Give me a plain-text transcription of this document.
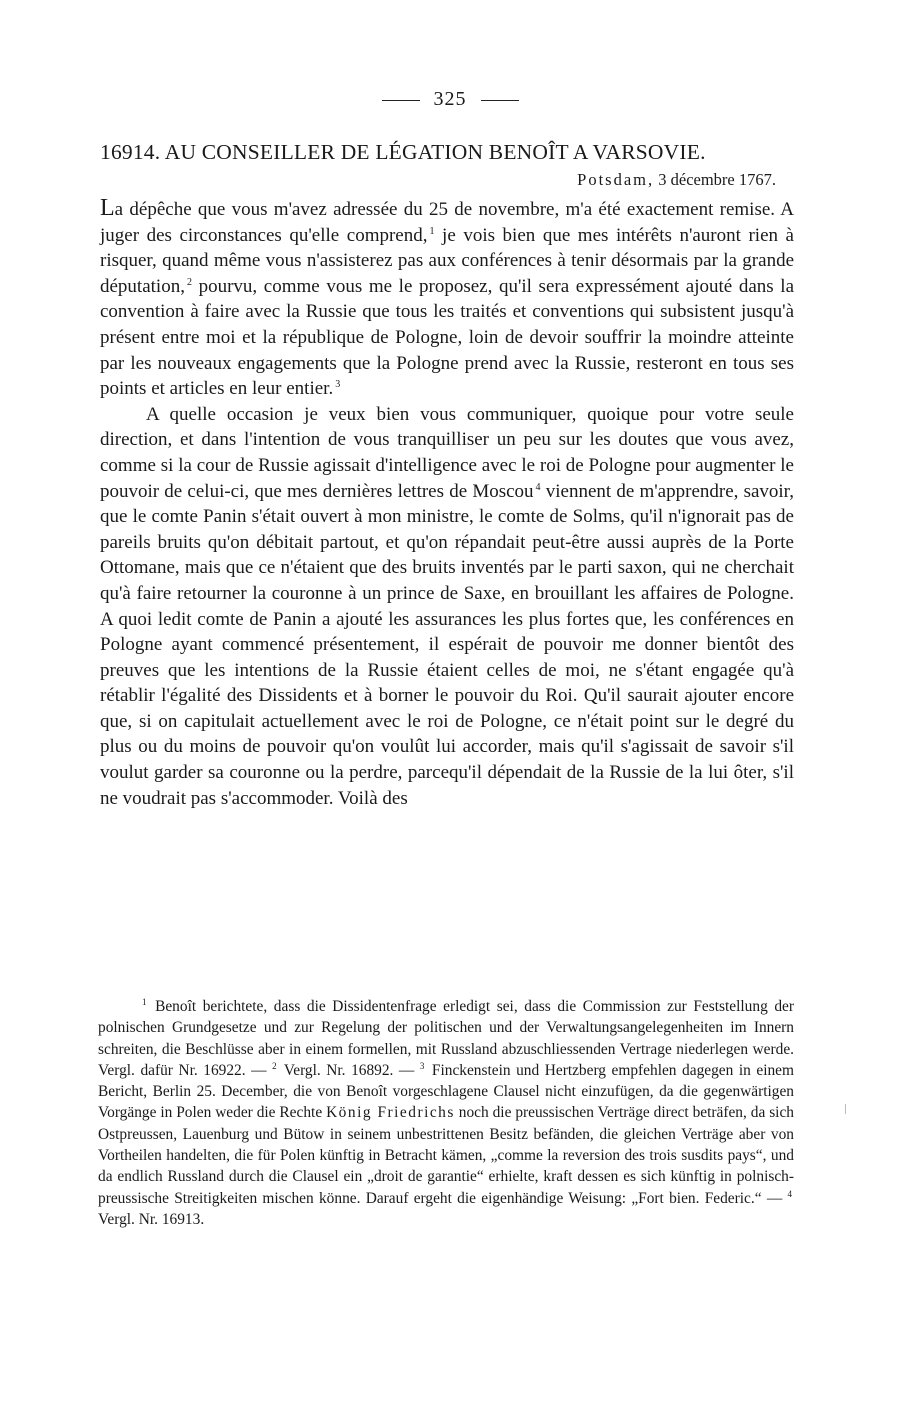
325
16914. AU CONSEILLER DE LÉGATION BENOÎT A VARSOVIE.
Potsdam, 3 décembre 1767.

La dépêche que vous m'avez adressée du 25 de novembre, m'a été exactement remise. A juger des circonstances qu'elle comprend, $^1$ je vois bien que mes intérêts n'auront rien à risquer, quand même vous n'assisterez pas aux conférences à tenir désormais par la grande députation, $^2$ pourvu, comme vous me le proposez, qu'il sera expressément ajouté dans la convention à faire avec la Russie que tous les traités et conventions qui subsistent jusqu'à présent entre moi et la république de Pologne, loin de devoir souffrir la moindre atteinte par les nouveaux engagements que la Pologne prend avec la Russie, resteront en tous ses points et articles en leur entier. $^3$

A quelle occasion je veux bien vous communiquer, quoique pour votre seule direction, et dans l'intention de vous tranquilliser un peu sur les doutes que vous avez, comme si la cour de Russie agissait d'intelligence avec le roi de Pologne pour augmenter le pouvoir de celui-ci, que mes dernières lettres de Moscou $^4$ viennent de m'apprendre, savoir, que le comte Panin s'était ouvert à mon ministre, le comte de Solms, qu'il n'ignorait pas de pareils bruits qu'on débitait partout, et qu'on répandait peut-être aussi auprès de la Porte Ottomane, mais que ce n'étaient que des bruits inventés par le parti saxon, qui ne cherchait qu'à faire retourner la couronne à un prince de Saxe, en brouillant les affaires de Pologne. A quoi ledit comte de Panin a ajouté les assurances les plus fortes que, les conférences en Pologne ayant commencé présentement, il espérait de pouvoir me donner bientôt des preuves que les intentions de la Russie étaient celles de moi, ne s'étant engagée qu'à rétablir l'égalité des Dissidents et à borner le pouvoir du Roi. Qu'il saurait ajouter encore que, si on capitulait actuellement avec le roi de Pologne, ce n'était point sur le degré du plus ou du moins de pouvoir qu'on voulût lui accorder, mais qu'il s'agissait de savoir s'il voulut garder sa couronne ou la perdre, parcequ'il dépendait de la Russie de la lui ôter, s'il ne voudrait pas s'accommoder. Voilà des

$^1$ Benoît berichtete, dass die Dissidentenfrage erledigt sei, dass die Commission zur Feststellung der polnischen Grundgesetze und zur Regelung der politischen und der Verwaltungsangelegenheiten im Innern schreiten, die Beschlüsse aber in einem formellen, mit Russland abzuschliessenden Vertrage niederlegen werde. Vergl. dafür Nr. 16922. — $^2$ Vergl. Nr. 16892. — $^3$ Finckenstein und Hertzberg empfehlen dagegen in einem Bericht, Berlin 25. December, die von Benoît vorgeschlagene Clausel nicht einzufügen, da die gegenwärtigen Vorgänge in Polen weder die Rechte König Friedrichs noch die preussischen Verträge direct beträfen, da sich Ostpreussen, Lauenburg und Bütow in seinem unbestrittenen Besitz befänden, die gleichen Verträge aber von Vortheilen handelten, die für Polen künftig in Betracht kämen, „comme la reversion des trois susdits pays“, und da endlich Russland durch die Clausel ein „droit de garantie“ erhielte, kraft dessen es sich künftig in polnisch-preussische Streitigkeiten mischen könne. Darauf ergeht die eigenhändige Weisung: „Fort bien. Federic.“ — $^4$ Vergl. Nr. 16913.
